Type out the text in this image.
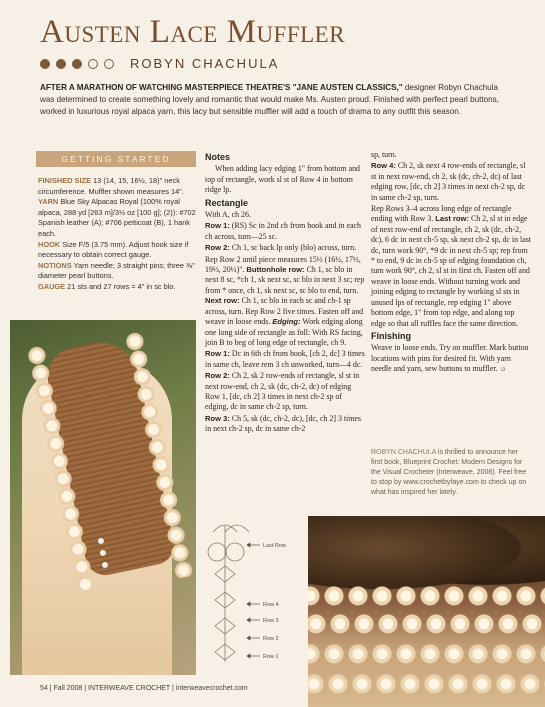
Austen Lace Muffler
ROBYN CHACHULA
AFTER A MARATHON OF WATCHING MASTERPIECE THEATRE'S "JANE AUSTEN CLASSICS," designer Robyn Chachula was determined to create something lovely and romantic that would make Ms. Austen proud. Finished with perfect pearl buttons, worked in luxurious royal alpaca yarn, this lacy but sensible muffler will add a touch of drama to any outfit this season.
GETTING STARTED
FINISHED SIZE 13 (14, 15, 16½, 18)" neck circumference. Muffler shown measures 14".
YARN Blue Sky Alpacas Royal (100% royal alpaca, 288 yd [263 m]/3½ oz [100 g]; (2)): #702 Spanish leather (A); #706 petticoat (B), 1 hank each.
HOOK Size F/5 (3.75 mm). Adjust hook size if necessary to obtain correct gauge.
NOTIONS Yarn needle; 3 straight pins; three ⅜" diameter pearl buttons.
GAUGE 21 sts and 27 rows = 4" in sc blo.
Notes

When adding lacy edging 1" from bottom and top of rectangle, work sl st of Row 4 in bottom ridge lp.

Rectangle

With A, ch 26.

Row 1: (RS) Sc in 2nd ch from hook and in each ch across, turn—25 sc.

Row 2: Ch 1, sc back lp only (blo) across, turn.

Rep Row 2 until piece measures 15½ (16½, 17½, 19½, 20½)". Buttonhole row: Ch 1, sc blo in next 8 sc, *ch 1, sk next sc, sc blo in next 3 sc; rep from * once, ch 1, sk next sc, sc blo to end, turn. Next row: Ch 1, sc blo in each sc and ch-1 sp across, turn. Rep Row 2 five times. Fasten off and weave in loose ends. Edging: Work edging along one long side of rectangle as foll: With RS facing, join B to beg of long edge of rectangle, ch 9.

Row 1: Dc in 6th ch from hook, [ch 2, dc] 3 times in same ch, leave rem 3 ch unworked, turn—4 dc.

Row 2: Ch 2, sk 2 row-ends of rectangle, sl st in next row-end, ch 2, sk (dc, ch-2, dc) of edging Row 1, [dc, ch 2] 3 times in next ch-2 sp of edging, dc in same ch-2 sp, turn.

Row 3: Ch 5, sk (dc, ch-2, dc), [dc, ch 2] 3 times in next ch-2 sp, dc in same ch-2

sp, turn.

Row 4: Ch 2, sk next 4 row-ends of rectangle, sl st in next row-end, ch 2, sk (dc, ch-2, dc) of last edging row, [dc, ch 2] 3 times in next ch-2 sp, dc in same ch-2 sp, turn.

Rep Rows 3–4 across long edge of rectangle ending with Row 3. Last row: Ch 2, sl st in edge of next row-end of rectangle, ch 2, sk (dc, ch-2, dc), 6 dc in next ch-5 sp, sk next ch-2 sp, dc in last dc, turn work 90°, *9 dc in next ch-5 sp; rep from * to end, 9 dc in ch-5 sp of edging foundation ch, turn work 90°, ch 2, sl st in first ch. Fasten off and weave in loose ends. Without turning work and joining edging to rectangle by working sl sts in unused lps of rectangle, rep edging 1" above bottom edge, 1" from top edge, and along top edge so that all ruffles face the same direction.

Finishing

Weave in loose ends. Try on muffler. Mark button locations with pins for desired fit. With yarn needle and yarn, sew buttons to muffler. ☼

ROBYN CHACHULA is thrilled to announce her first book, Blueprint Crochet: Modern Designs for the Visual Crocheter (Interweave, 2008). Feel free to stop by www.crochetbyfaye.com to check up on what has inspired her lately.
Last Row
Row 4
Row 3
Row 2
Row 1
54 | Fall 2008 | INTERWEAVE CROCHET | interweavecrochet.com
